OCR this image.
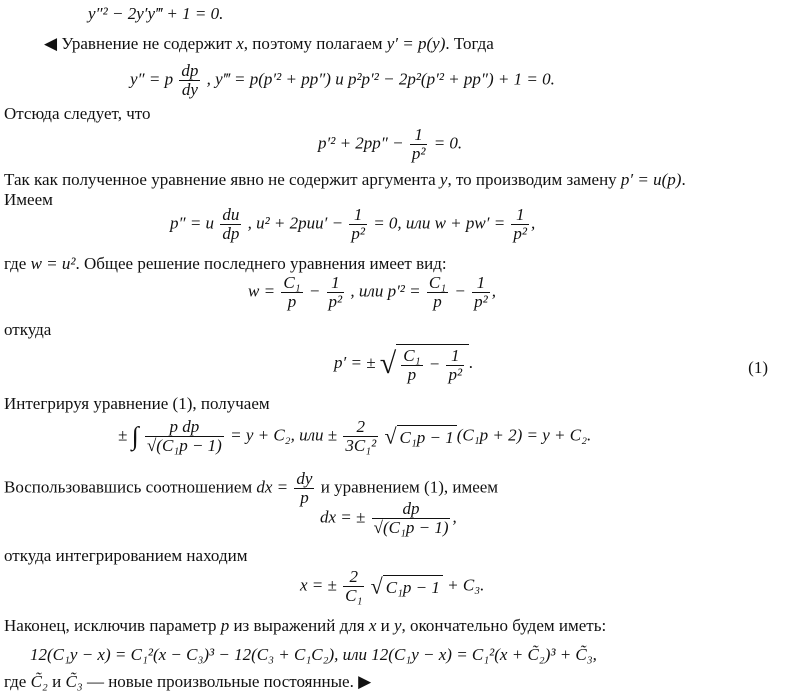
y″² − 2y′y‴ + 1 = 0.
◀ Уравнение не содержит x, поэтому полагаем y′ = p(y). Тогда
y″ = p $\frac{dp}{dy}$ , y‴ = p(p′² + pp″) и p²p′² − 2p²(p′² + pp″) + 1 = 0.
Отсюда следует, что
$p'^2 + 2pp'' - \frac{1}{\text{p²}} = 0$.
Так как полученное уравнение явно не содержит аргумента y, то производим замену p′ = u(p).
Имеем
p″ = u $\frac{du}{dp}$ , $u^2 + 2puu' - \frac{1}{\text{p²}} = 0$, или $w + pw' = \frac{1}{\text{p²}}$ ,
где w = u². Общее решение последнего уравнения имеет вид:
$w = \frac{\text{C₁}}{p} - \frac{1}{\text{p²}}$ , или $p'^2 = \frac{\text{C₁}}{p} - \frac{1}{\text{p²}}$ ,
откуда
p′ = ± √ $\frac{\text{C₁}}{p} - \frac{1}{\text{p²}}$ .	(1)
Интегрируя уравнение (1), получаем
± ∫ $\frac{\text{p dp}}{\text{√(C₁p − 1)}} = y + C_2$, или ± $\frac{2}{\text{3C₁²}}$ √ C₁p − 1 (C₁p + 2) = y + C₂.
Воспользовавшись соотношением dx = $\frac{dy}{p}$ и уравнением (1), имеем
dx = ± $\frac{dp}{\text{√(C₁p − 1)}}$ ,
откуда интегрированием находим
x = ± $\frac{2}{\text{C₁}}$ √ C₁p − 1 + C₃.
Наконец, исключив параметр p из выражений для x и y, окончательно будем иметь:
12(C₁y − x) = C₁²(x − C₃)³ − 12(C₃ + C₁C₂), или 12(C₁y − x) = C₁²(x + C̃₂)³ + C̃₃,
где C̃₂ и C̃₃ — новые произвольные постоянные. ▶
